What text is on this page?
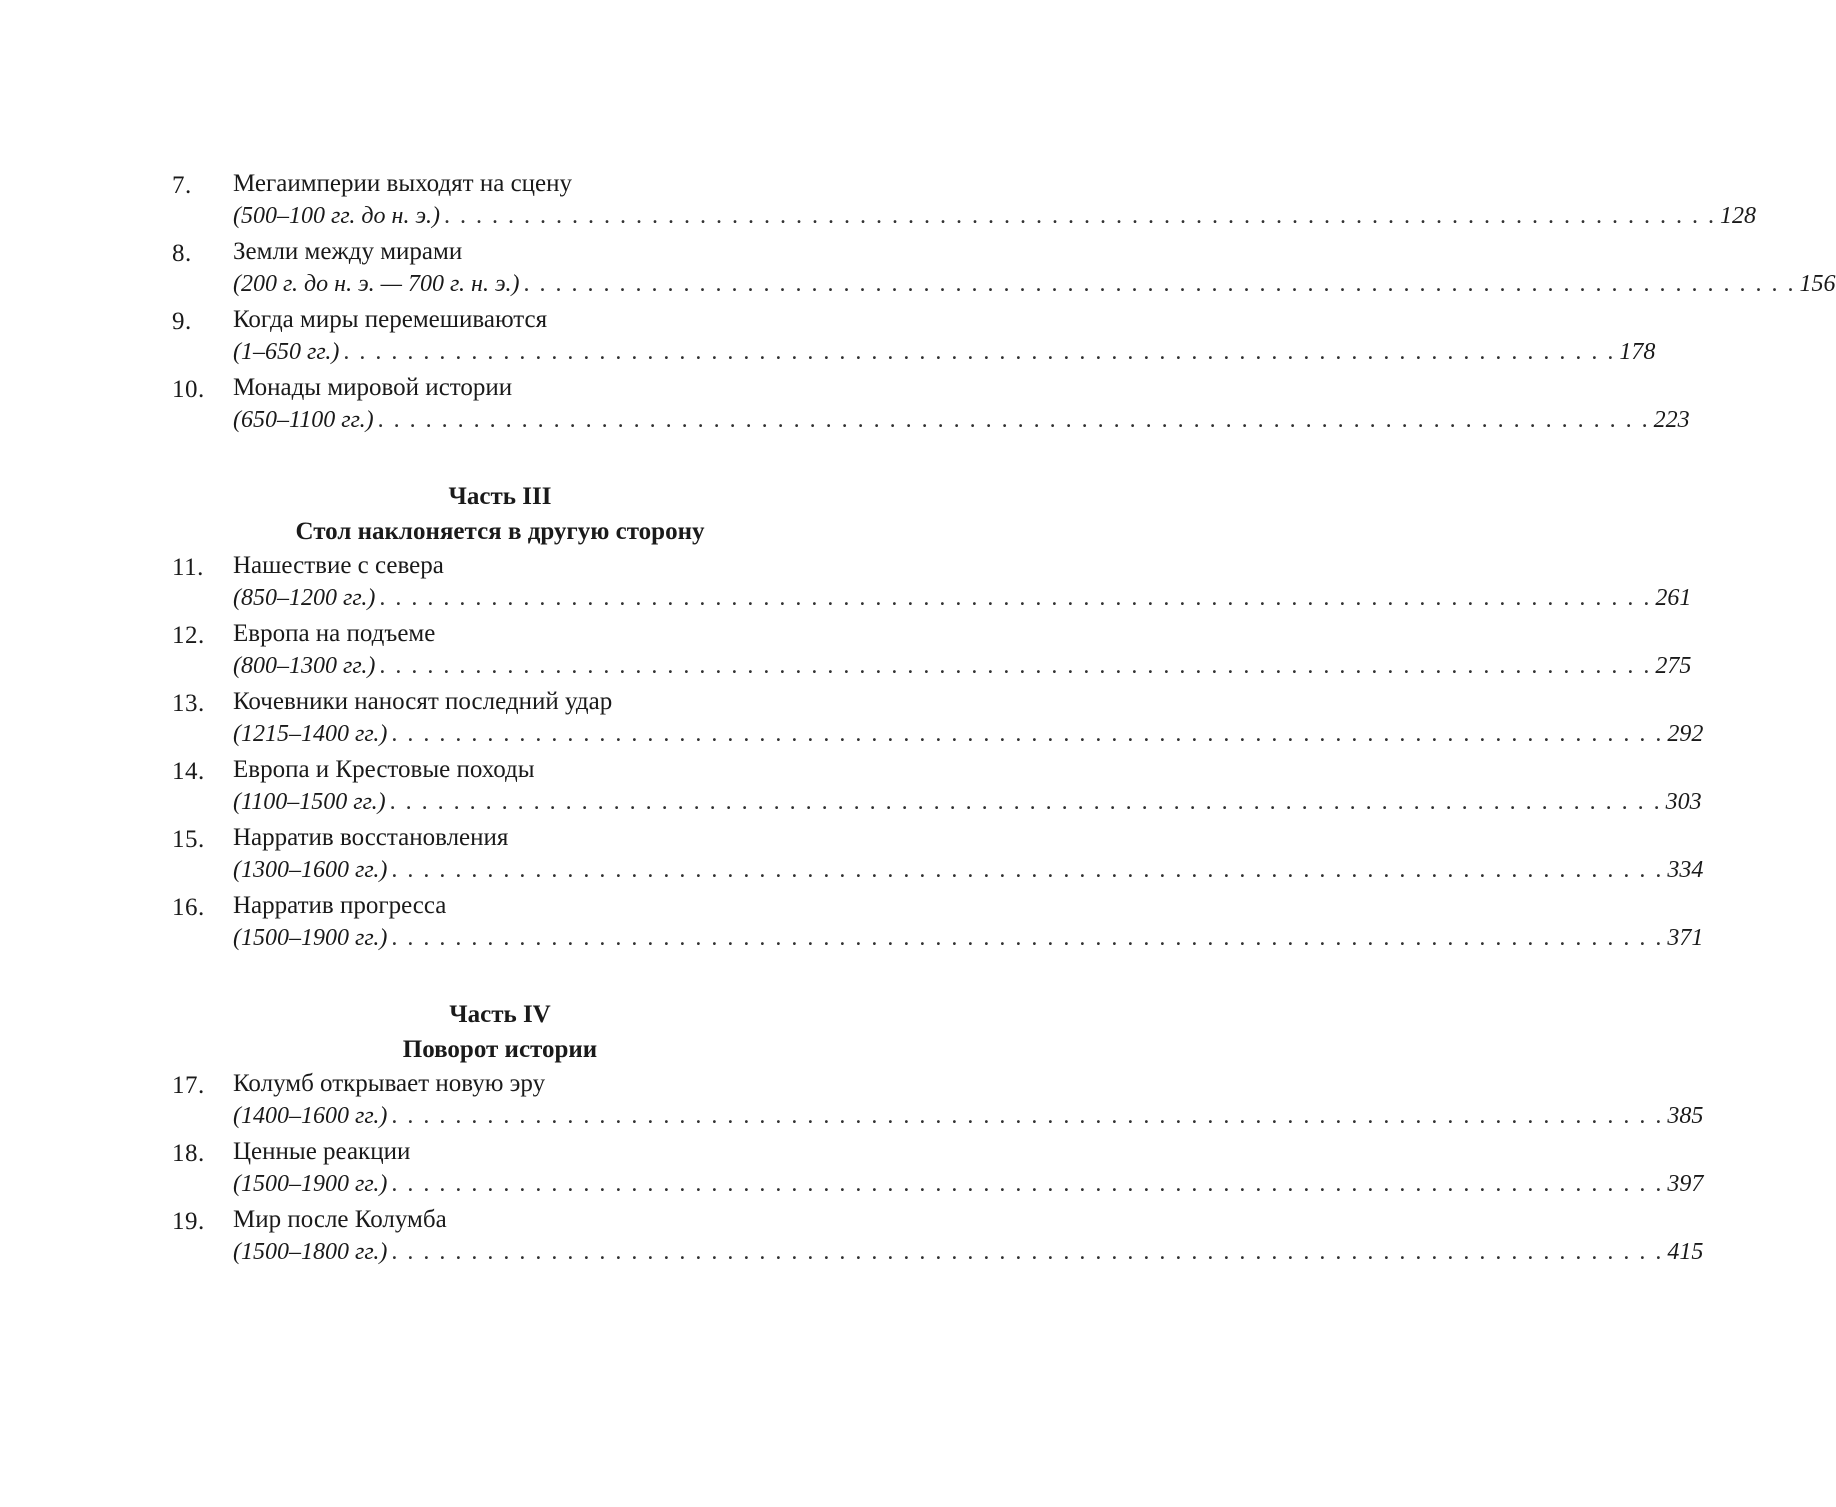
7. Мегаимперии выходят на сцену
(500–100 гг. до н. э.) . . . . . . . . . . . . . . . . . . . . . . . . . . . . . . . . . . . . . . . . . . . . . . . . . . . . . . . . . . . . . . . . . . . . . . . . . . . . . . . . 128
8. Земли между мирами
(200 г. до н. э. — 700 г. н. э.) . . . . . . . . . . . . . . . . . . . . . . . . . . . . . . . . . . . . . . . . . . . . . . . . . . . . . . . . . . . . . . . . . . . . . . . . . . . . . . . . 156
9. Когда миры перемешиваются
(1–650 гг.) . . . . . . . . . . . . . . . . . . . . . . . . . . . . . . . . . . . . . . . . . . . . . . . . . . . . . . . . . . . . . . . . . . . . . . . . . . . . . . . . 178
10. Монады мировой истории
(650–1100 гг.) . . . . . . . . . . . . . . . . . . . . . . . . . . . . . . . . . . . . . . . . . . . . . . . . . . . . . . . . . . . . . . . . . . . . . . . . . . . . . . . . 223
Часть III
Стол наклоняется в другую сторону
11. Нашествие с севера
(850–1200 гг.) . . . . . . . . . . . . . . . . . . . . . . . . . . . . . . . . . . . . . . . . . . . . . . . . . . . . . . . . . . . . . . . . . . . . . . . . . . . . . . . . 261
12. Европа на подъеме
(800–1300 гг.) . . . . . . . . . . . . . . . . . . . . . . . . . . . . . . . . . . . . . . . . . . . . . . . . . . . . . . . . . . . . . . . . . . . . . . . . . . . . . . . . 275
13. Кочевники наносят последний удар
(1215–1400 гг.) . . . . . . . . . . . . . . . . . . . . . . . . . . . . . . . . . . . . . . . . . . . . . . . . . . . . . . . . . . . . . . . . . . . . . . . . . . . . . . . . 292
14. Европа и Крестовые походы
(1100–1500 гг.) . . . . . . . . . . . . . . . . . . . . . . . . . . . . . . . . . . . . . . . . . . . . . . . . . . . . . . . . . . . . . . . . . . . . . . . . . . . . . . . . 303
15. Нарратив восстановления
(1300–1600 гг.) . . . . . . . . . . . . . . . . . . . . . . . . . . . . . . . . . . . . . . . . . . . . . . . . . . . . . . . . . . . . . . . . . . . . . . . . . . . . . . . . 334
16. Нарратив прогресса
(1500–1900 гг.) . . . . . . . . . . . . . . . . . . . . . . . . . . . . . . . . . . . . . . . . . . . . . . . . . . . . . . . . . . . . . . . . . . . . . . . . . . . . . . . . 371
Часть IV
Поворот истории
17. Колумб открывает новую эру
(1400–1600 гг.) . . . . . . . . . . . . . . . . . . . . . . . . . . . . . . . . . . . . . . . . . . . . . . . . . . . . . . . . . . . . . . . . . . . . . . . . . . . . . . . . 385
18. Ценные реакции
(1500–1900 гг.) . . . . . . . . . . . . . . . . . . . . . . . . . . . . . . . . . . . . . . . . . . . . . . . . . . . . . . . . . . . . . . . . . . . . . . . . . . . . . . . . 397
19. Мир после Колумба
(1500–1800 гг.) . . . . . . . . . . . . . . . . . . . . . . . . . . . . . . . . . . . . . . . . . . . . . . . . . . . . . . . . . . . . . . . . . . . . . . . . . . . . . . . . 415
